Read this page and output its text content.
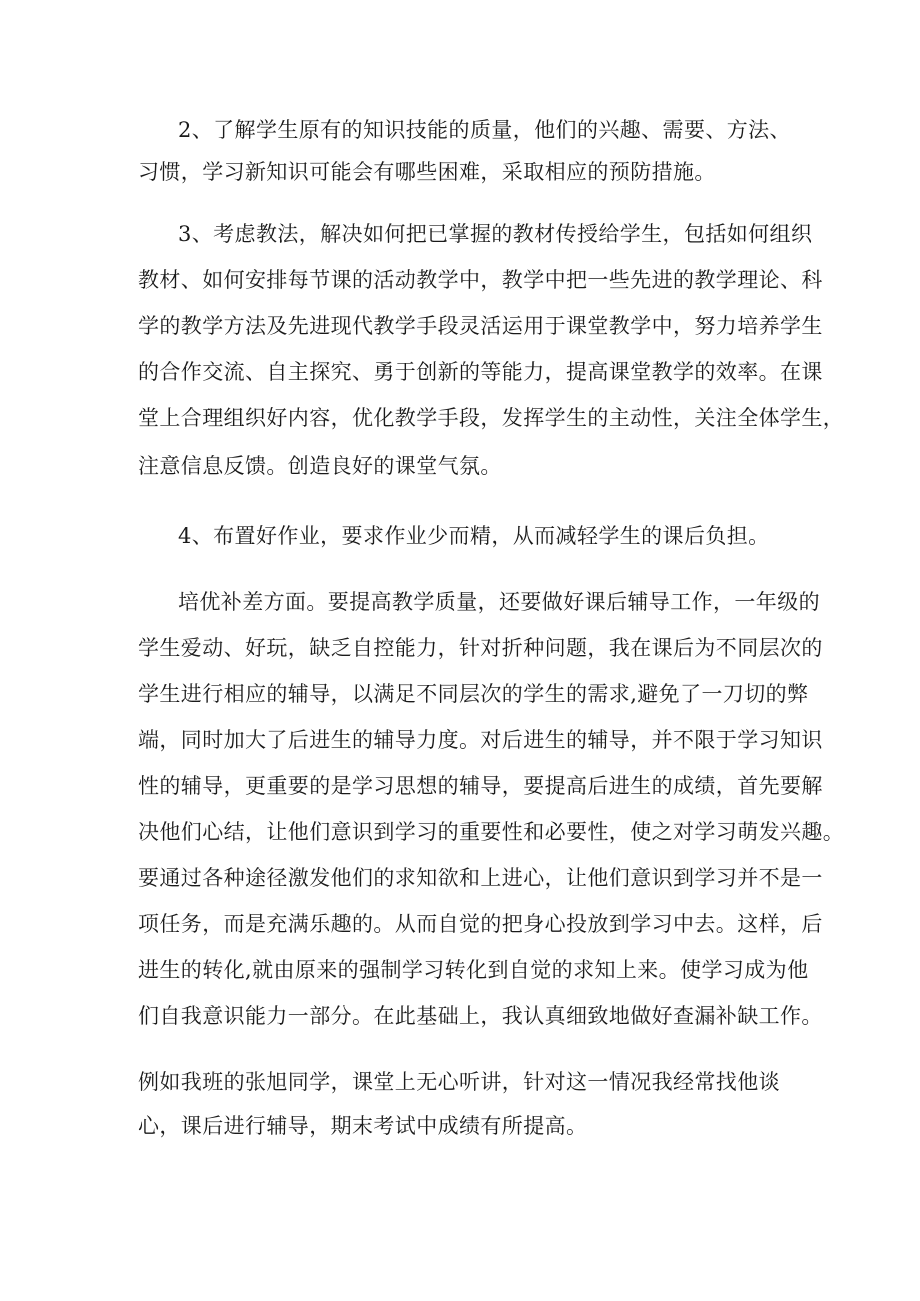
2、了解学生原有的知识技能的质量，他们的兴趣、需要、方法、
习惯，学习新知识可能会有哪些困难，采取相应的预防措施。
3、考虑教法，解决如何把已掌握的教材传授给学生，包括如何组织
教材、如何安排每节课的活动教学中，教学中把一些先进的教学理论、科
学的教学方法及先进现代教学手段灵活运用于课堂教学中，努力培养学生
的合作交流、自主探究、勇于创新的等能力，提高课堂教学的效率。在课
堂上合理组织好内容，优化教学手段，发挥学生的主动性，关注全体学生，
注意信息反馈。创造良好的课堂气氛。
4、布置好作业，要求作业少而精，从而减轻学生的课后负担。
培优补差方面。要提高教学质量，还要做好课后辅导工作，一年级的
学生爱动、好玩，缺乏自控能力，针对折种问题，我在课后为不同层次的
学生进行相应的辅导，以满足不同层次的学生的需求,避免了一刀切的弊
端，同时加大了后进生的辅导力度。对后进生的辅导，并不限于学习知识
性的辅导，更重要的是学习思想的辅导，要提高后进生的成绩，首先要解
决他们心结，让他们意识到学习的重要性和必要性，使之对学习萌发兴趣。
要通过各种途径激发他们的求知欲和上进心，让他们意识到学习并不是一
项任务，而是充满乐趣的。从而自觉的把身心投放到学习中去。这样，后
进生的转化,就由原来的强制学习转化到自觉的求知上来。使学习成为他
们自我意识能力一部分。在此基础上，我认真细致地做好查漏补缺工作。
例如我班的张旭同学，课堂上无心听讲，针对这一情况我经常找他谈
心，课后进行辅导，期末考试中成绩有所提高。
